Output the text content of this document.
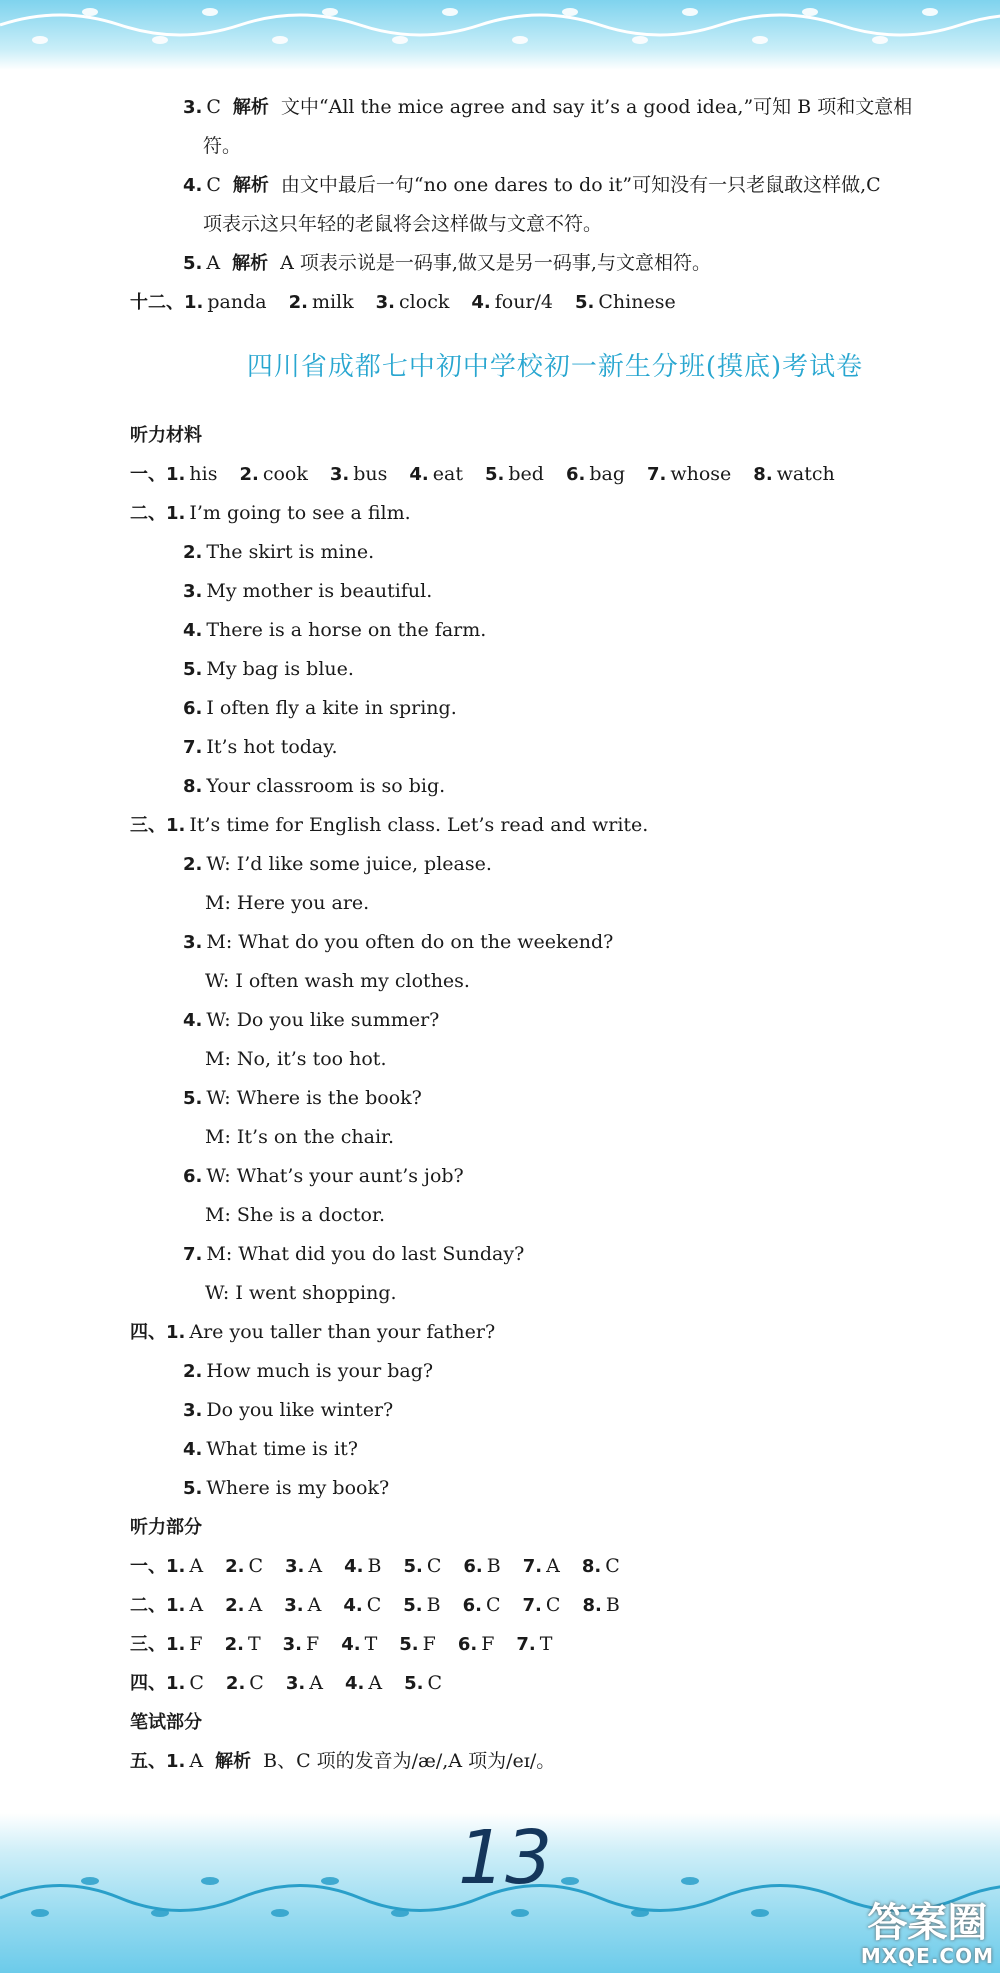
3. C 解析 文中“All the mice agree and say it’s a good idea,”可知 B 项和文意相
符。
4. C 解析 由文中最后一句“no one dares to do it”可知没有一只老鼠敢这样做,C
项表示这只年轻的老鼠将会这样做与文意不符。
5. A 解析 A 项表示说是一码事,做又是另一码事,与文意相符。
十二、1. panda 2. milk 3. clock 4. four/4 5. Chinese
四川省成都七中初中学校初一新生分班(摸底)考试卷
听力材料
一、1. his 2. cook 3. bus 4. eat 5. bed 6. bag 7. whose 8. watch
二、1. I’m going to see a film.
2. The skirt is mine.
3. My mother is beautiful.
4. There is a horse on the farm.
5. My bag is blue.
6. I often fly a kite in spring.
7. It’s hot today.
8. Your classroom is so big.
三、1. It’s time for English class. Let’s read and write.
2. W: I’d like some juice, please.
M: Here you are.
3. M: What do you often do on the weekend?
W: I often wash my clothes.
4. W: Do you like summer?
M: No, it’s too hot.
5. W: Where is the book?
M: It’s on the chair.
6. W: What’s your aunt’s job?
M: She is a doctor.
7. M: What did you do last Sunday?
W: I went shopping.
四、1. Are you taller than your father?
2. How much is your bag?
3. Do you like winter?
4. What time is it?
5. Where is my book?
听力部分
一、1. A 2. C 3. A 4. B 5. C 6. B 7. A 8. C
二、1. A 2. A 3. A 4. C 5. B 6. C 7. C 8. B
三、1. F 2. T 3. F 4. T 5. F 6. F 7. T
四、1. C 2. C 3. A 4. A 5. C
笔试部分
五、1. A 解析 B、C 项的发音为/æ/,A 项为/eɪ/。
13
答案圈
MXQE.COM
